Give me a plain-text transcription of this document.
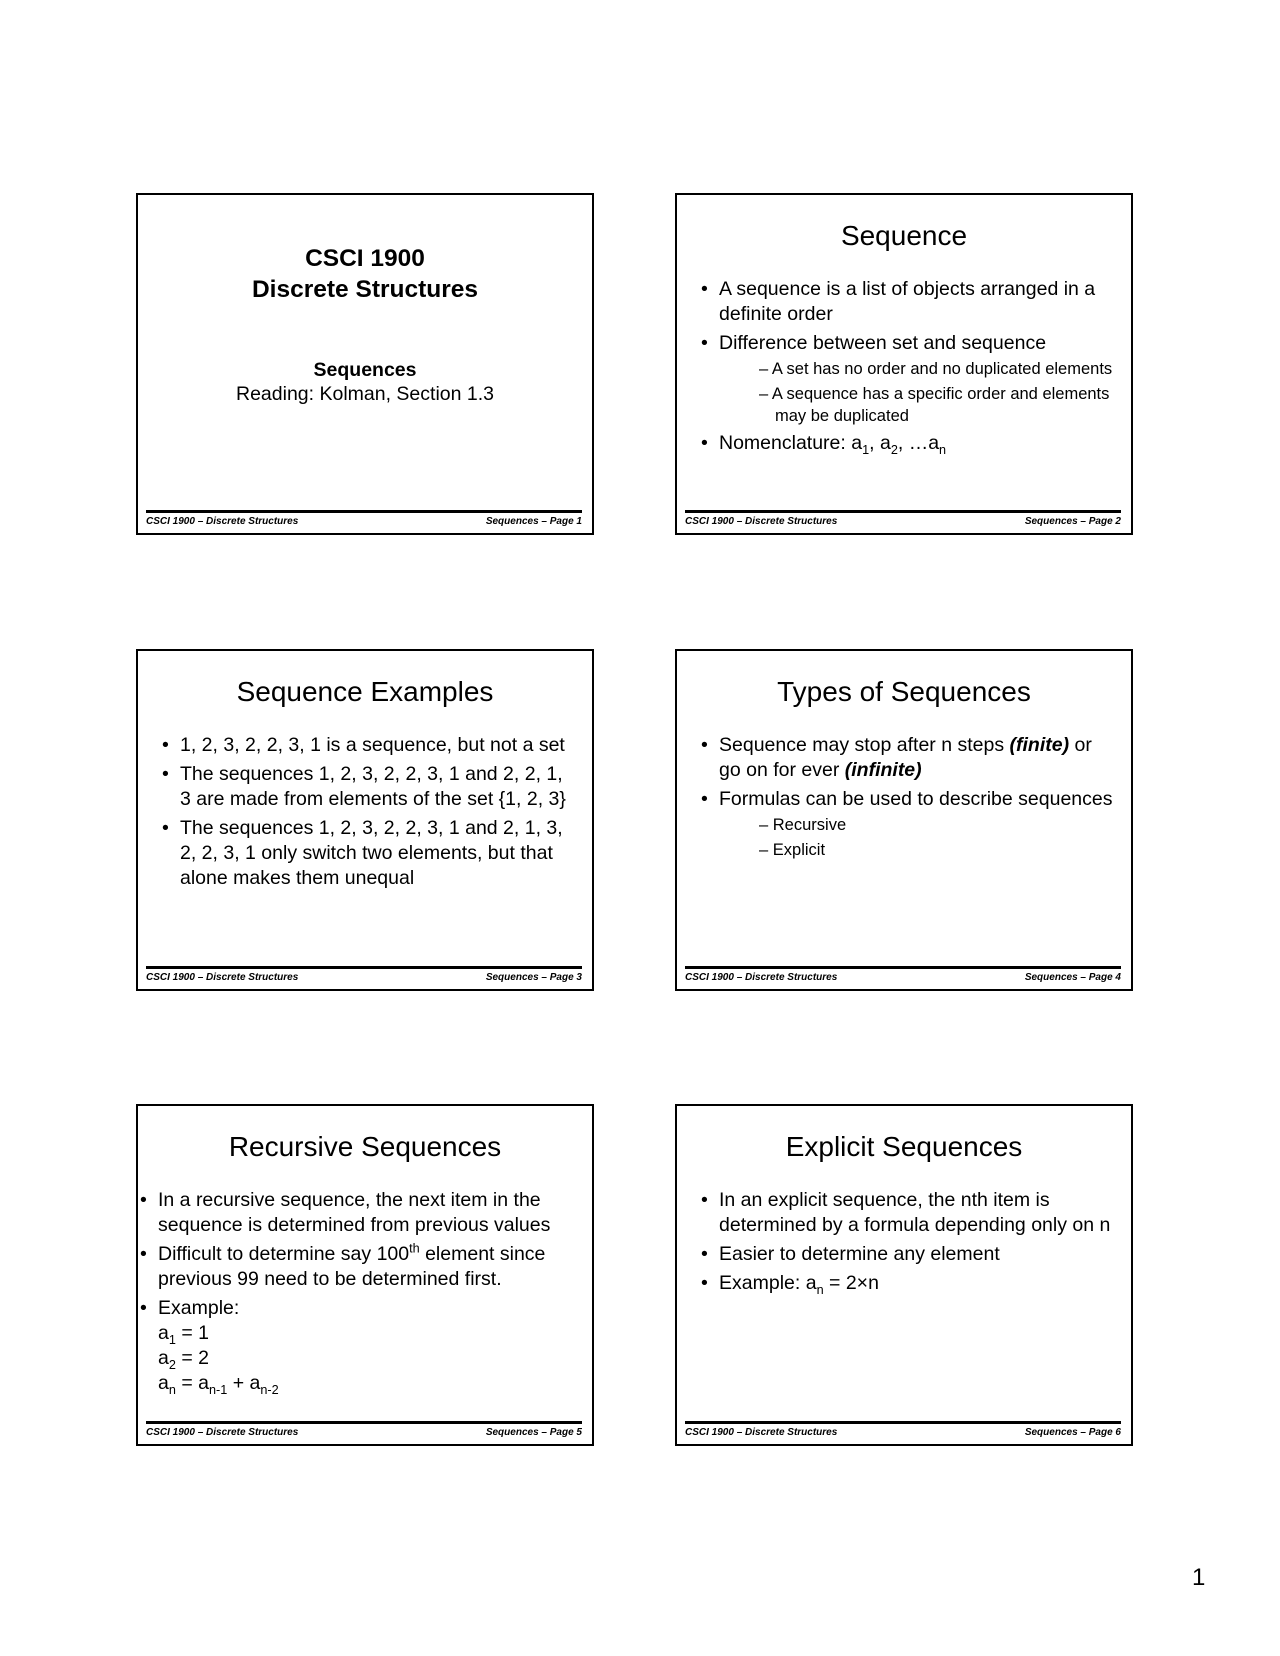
CSCI 1900
Discrete Structures
Sequences
Reading: Kolman, Section 1.3
CSCI 1900 – Discrete Structures	Sequences – Page 1
Sequence
• A sequence is a list of objects arranged in a definite order
• Difference between set and sequence
– A set has no order and no duplicated elements
– A sequence has a specific order and elements may be duplicated
• Nomenclature: $a_1$, $a_2$, $\dots a_n$
CSCI 1900 – Discrete Structures	Sequences – Page 2
Sequence Examples
• 1, 2, 3, 2, 2, 3, 1 is a sequence, but not a set
• The sequences 1, 2, 3, 2, 2, 3, 1 and 2, 2, 1, 3 are made from elements of the set {1, 2, 3}
• The sequences 1, 2, 3, 2, 2, 3, 1 and 2, 1, 3, 2, 2, 3, 1 only switch two elements, but that alone makes them unequal
CSCI 1900 – Discrete Structures	Sequences – Page 3
Types of Sequences
• Sequence may stop after n steps (finite) or go on for ever (infinite)
• Formulas can be used to describe sequences
– Recursive
– Explicit
CSCI 1900 – Discrete Structures	Sequences – Page 4
Recursive Sequences
• In a recursive sequence, the next item in the sequence is determined from previous values
• Difficult to determine say 100th element since previous 99 need to be determined first.
• Example:
$a_1 = 1$
$a_2 = 2$
$a_n = a_{n-1} + a_{n-2}$
CSCI 1900 – Discrete Structures	Sequences – Page 5
Explicit Sequences
• In an explicit sequence, the nth item is determined by a formula depending only on n
• Easier to determine any element
• Example: $a_n = 2\times n$
CSCI 1900 – Discrete Structures	Sequences – Page 6
1
